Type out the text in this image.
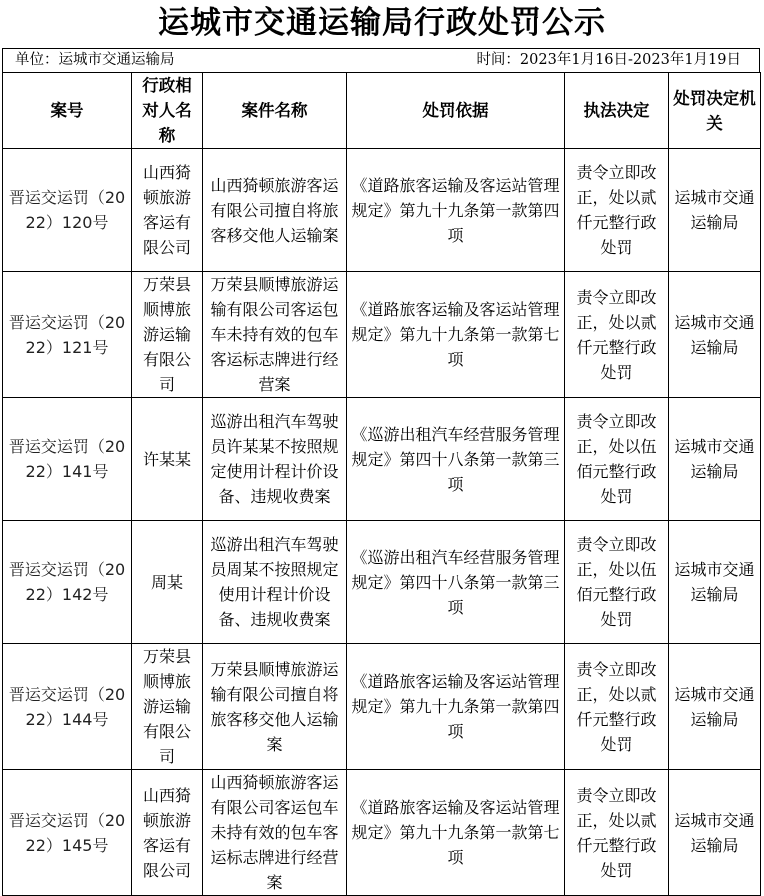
运城市交通运输局行政处罚公示
单位：运城市交通运输局	时间：2023年1月16日-2023年1月19日
案号	行政相对人名称	案件名称	处罚依据	执法决定	处罚决定机关
晋运交运罚（2022）120号	山西猗顿旅游客运有限公司	山西猗顿旅游客运有限公司擅自将旅客移交他人运输案	《道路旅客运输及客运站管理规定》第九十九条第一款第四项	责令立即改正，处以贰仟元整行政处罚	运城市交通运输局
晋运交运罚（2022）121号	万荣县顺博旅游运输有限公司	万荣县顺博旅游运输有限公司客运包车未持有效的包车客运标志牌进行经营案	《道路旅客运输及客运站管理规定》第九十九条第一款第七项	责令立即改正，处以贰仟元整行政处罚	运城市交通运输局
晋运交运罚（2022）141号	许某某	巡游出租汽车驾驶员许某某不按照规定使用计程计价设备、违规收费案	《巡游出租汽车经营服务管理规定》第四十八条第一款第三项	责令立即改正，处以伍佰元整行政处罚	运城市交通运输局
晋运交运罚（2022）142号	周某	巡游出租汽车驾驶员周某不按照规定使用计程计价设备、违规收费案	《巡游出租汽车经营服务管理规定》第四十八条第一款第三项	责令立即改正，处以伍佰元整行政处罚	运城市交通运输局
晋运交运罚（2022）144号	万荣县顺博旅游运输有限公司	万荣县顺博旅游运输有限公司擅自将旅客移交他人运输案	《道路旅客运输及客运站管理规定》第九十九条第一款第四项	责令立即改正，处以贰仟元整行政处罚	运城市交通运输局
晋运交运罚（2022）145号	山西猗顿旅游客运有限公司	山西猗顿旅游客运有限公司客运包车未持有效的包车客运标志牌进行经营案	《道路旅客运输及客运站管理规定》第九十九条第一款第七项	责令立即改正，处以贰仟元整行政处罚	运城市交通运输局
